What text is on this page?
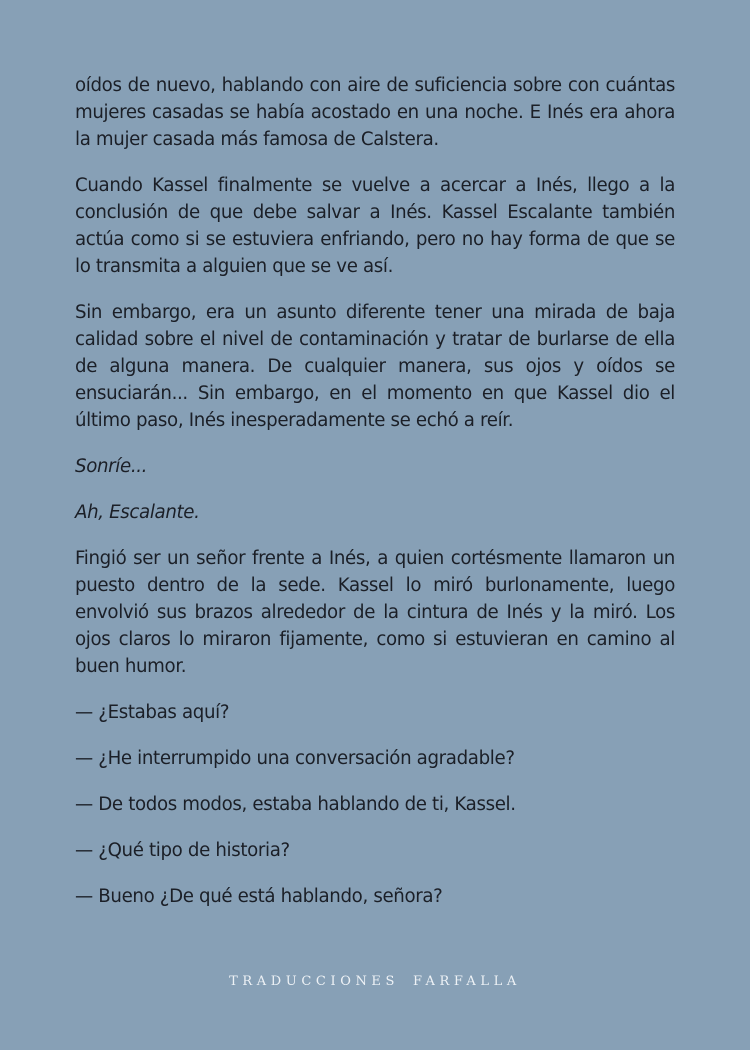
oídos de nuevo, hablando con aire de suficiencia sobre con cuántas mujeres casadas se había acostado en una noche. E Inés era ahora la mujer casada más famosa de Calstera.

Cuando Kassel finalmente se vuelve a acercar a Inés, llego a la conclusión de que debe salvar a Inés. Kassel Escalante también actúa como si se estuviera enfriando, pero no hay forma de que se lo transmita a alguien que se ve así.

Sin embargo, era un asunto diferente tener una mirada de baja calidad sobre el nivel de contaminación y tratar de burlarse de ella de alguna manera. De cualquier manera, sus ojos y oídos se ensuciarán... Sin embargo, en el momento en que Kassel dio el último paso, Inés inesperadamente se echó a reír.

Sonríe...

Ah, Escalante.

Fingió ser un señor frente a Inés, a quien cortésmente llamaron un puesto dentro de la sede. Kassel lo miró burlonamente, luego envolvió sus brazos alrededor de la cintura de Inés y la miró. Los ojos claros lo miraron fijamente, como si estuvieran en camino al buen humor.

— ¿Estabas aquí?

— ¿He interrumpido una conversación agradable?

— De todos modos, estaba hablando de ti, Kassel.

— ¿Qué tipo de historia?

— Bueno ¿De qué está hablando, señora?

TRADUCCIONES FARFALLA
